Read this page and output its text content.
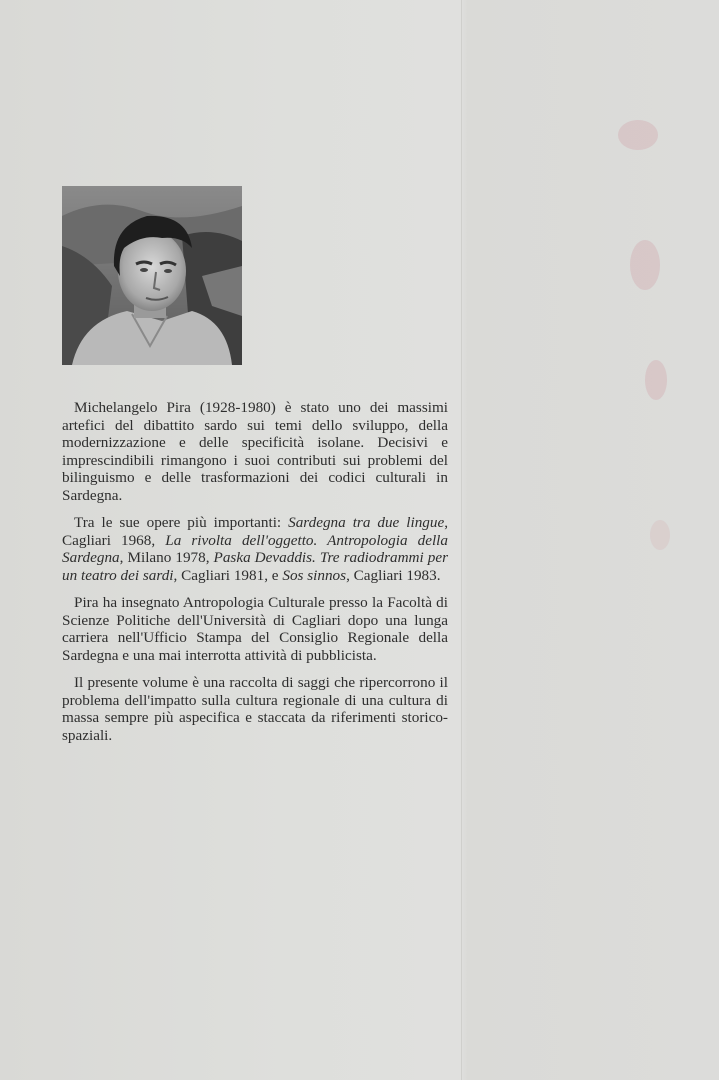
Michelangelo Pira (1928-1980) è stato uno dei massimi artefici del dibattito sardo sui temi dello sviluppo, della modernizzazione e delle specificità isolane. Decisivi e imprescindibili rimangono i suoi contributi sui problemi del bilinguismo e delle trasformazioni dei codici culturali in Sardegna.

Tra le sue opere più importanti: Sardegna tra due lingue, Cagliari 1968, La rivolta dell'oggetto. Antropologia della Sardegna, Milano 1978, Paska Devaddis. Tre radiodrammi per un teatro dei sardi, Cagliari 1981, e Sos sinnos, Cagliari 1983.

Pira ha insegnato Antropologia Culturale presso la Facoltà di Scienze Politiche dell'Università di Cagliari dopo una lunga carriera nell'Ufficio Stampa del Consiglio Regionale della Sardegna e una mai interrotta attività di pubblicista.

Il presente volume è una raccolta di saggi che ripercorrono il problema dell'impatto sulla cultura regionale di una cultura di massa sempre più aspecifica e staccata da riferimenti storico-spaziali.
